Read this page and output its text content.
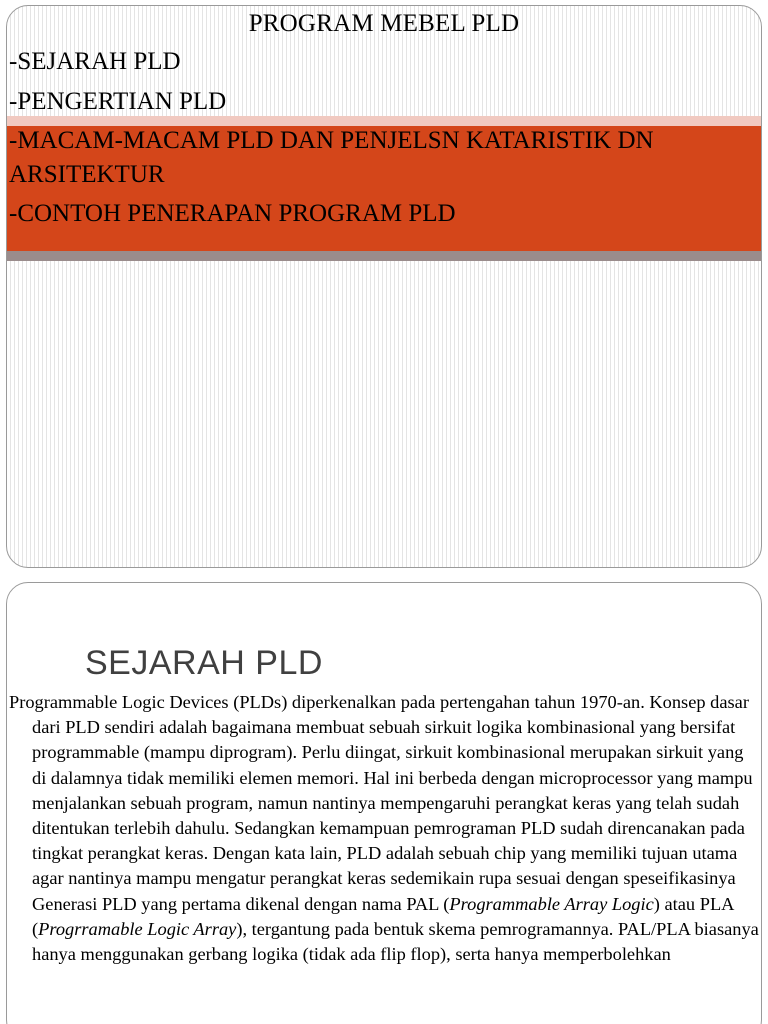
PROGRAM MEBEL PLD
-SEJARAH PLD
-PENGERTIAN PLD
-MACAM-MACAM PLD DAN PENJELSN KATARISTIK DN ARSITEKTUR
-CONTOH PENERAPAN PROGRAM PLD
SEJARAH PLD
Programmable Logic Devices (PLDs) diperkenalkan pada pertengahan tahun 1970-an. Konsep dasar dari PLD sendiri adalah bagaimana membuat sebuah sirkuit logika kombinasional yang bersifat programmable (mampu diprogram). Perlu diingat, sirkuit kombinasional merupakan sirkuit yang di dalamnya tidak memiliki elemen memori. Hal ini berbeda dengan microprocessor yang mampu menjalankan sebuah program, namun nantinya mempengaruhi perangkat keras yang telah sudah ditentukan terlebih dahulu. Sedangkan kemampuan pemrograman PLD sudah direncanakan pada tingkat perangkat keras. Dengan kata lain, PLD adalah sebuah chip yang memiliki tujuan utama agar nantinya mampu mengatur perangkat keras sedemikain rupa sesuai dengan speseifikasinya Generasi PLD yang pertama dikenal dengan nama PAL (Programmable Array Logic) atau PLA (Progrramable Logic Array), tergantung pada bentuk skema pemrogramannya. PAL/PLA biasanya hanya menggunakan gerbang logika (tidak ada flip flop), serta hanya memperbolehkan
